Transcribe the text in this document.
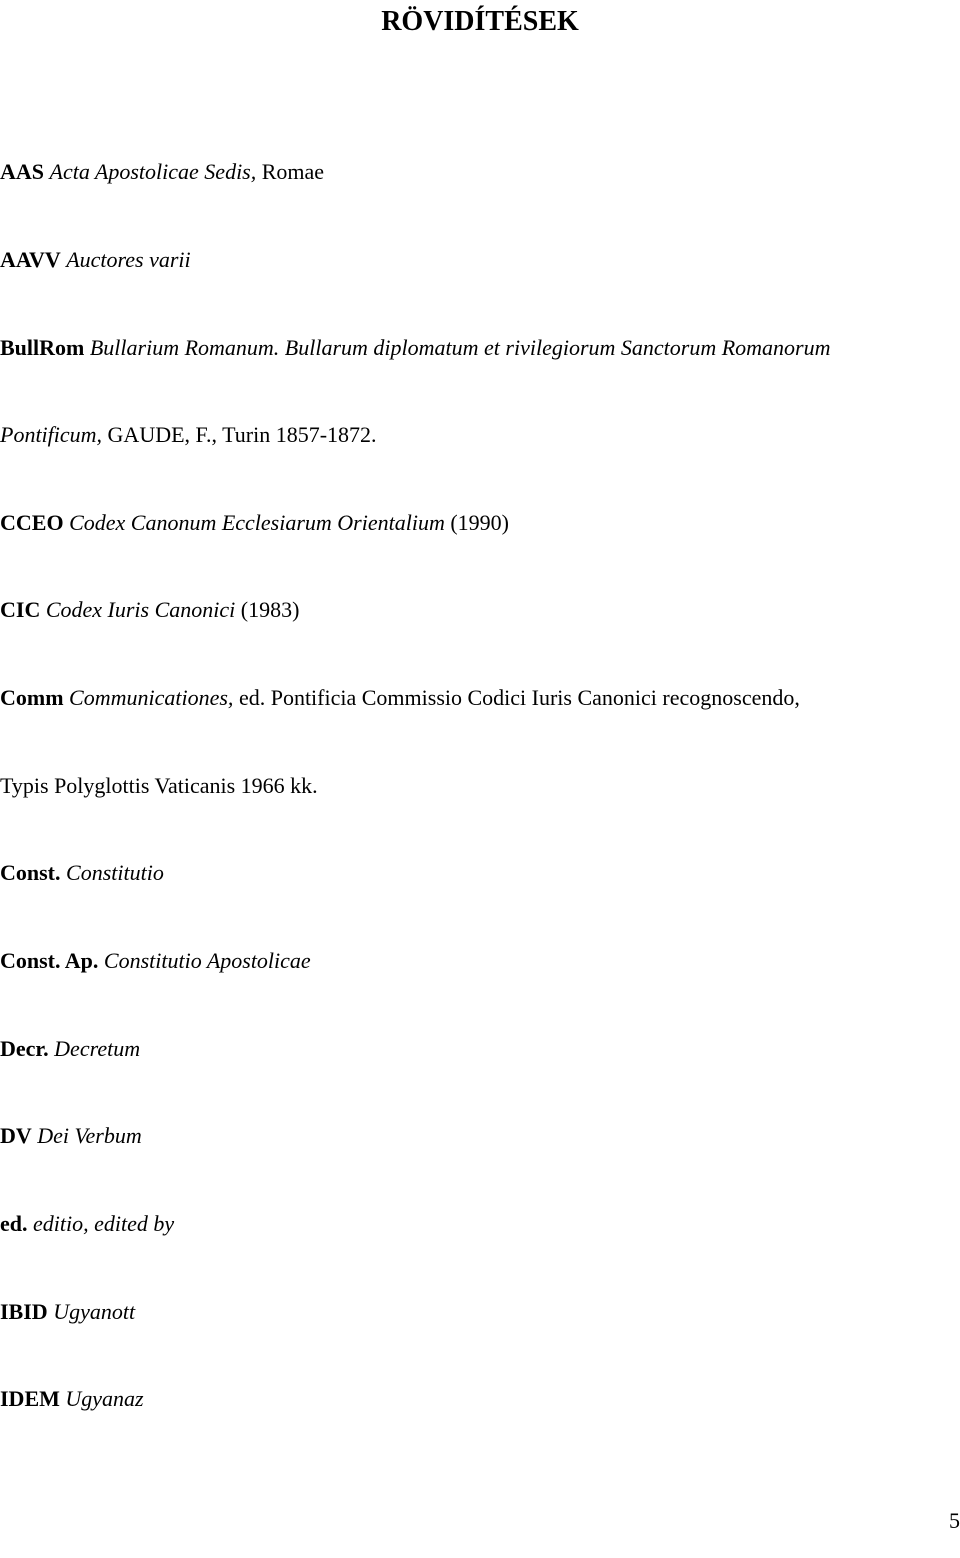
RÖVIDÍTÉSEK

AAS Acta Apostolicae Sedis, Romae

AAVV Auctores varii

BullRom Bullarium Romanum. Bullarum diplomatum et rivilegiorum Sanctorum Romanorum

Pontificum, GAUDE, F., Turin 1857-1872.

CCEO Codex Canonum Ecclesiarum Orientalium (1990)

CIC Codex Iuris Canonici (1983)

Comm Communicationes, ed. Pontificia Commissio Codici Iuris Canonici recognoscendo,

Typis Polyglottis Vaticanis 1966 kk.

Const. Constitutio

Const. Ap. Constitutio Apostolicae

Decr. Decretum

DV Dei Verbum

ed. editio, edited by

IBID Ugyanott

IDEM Ugyanaz

5
